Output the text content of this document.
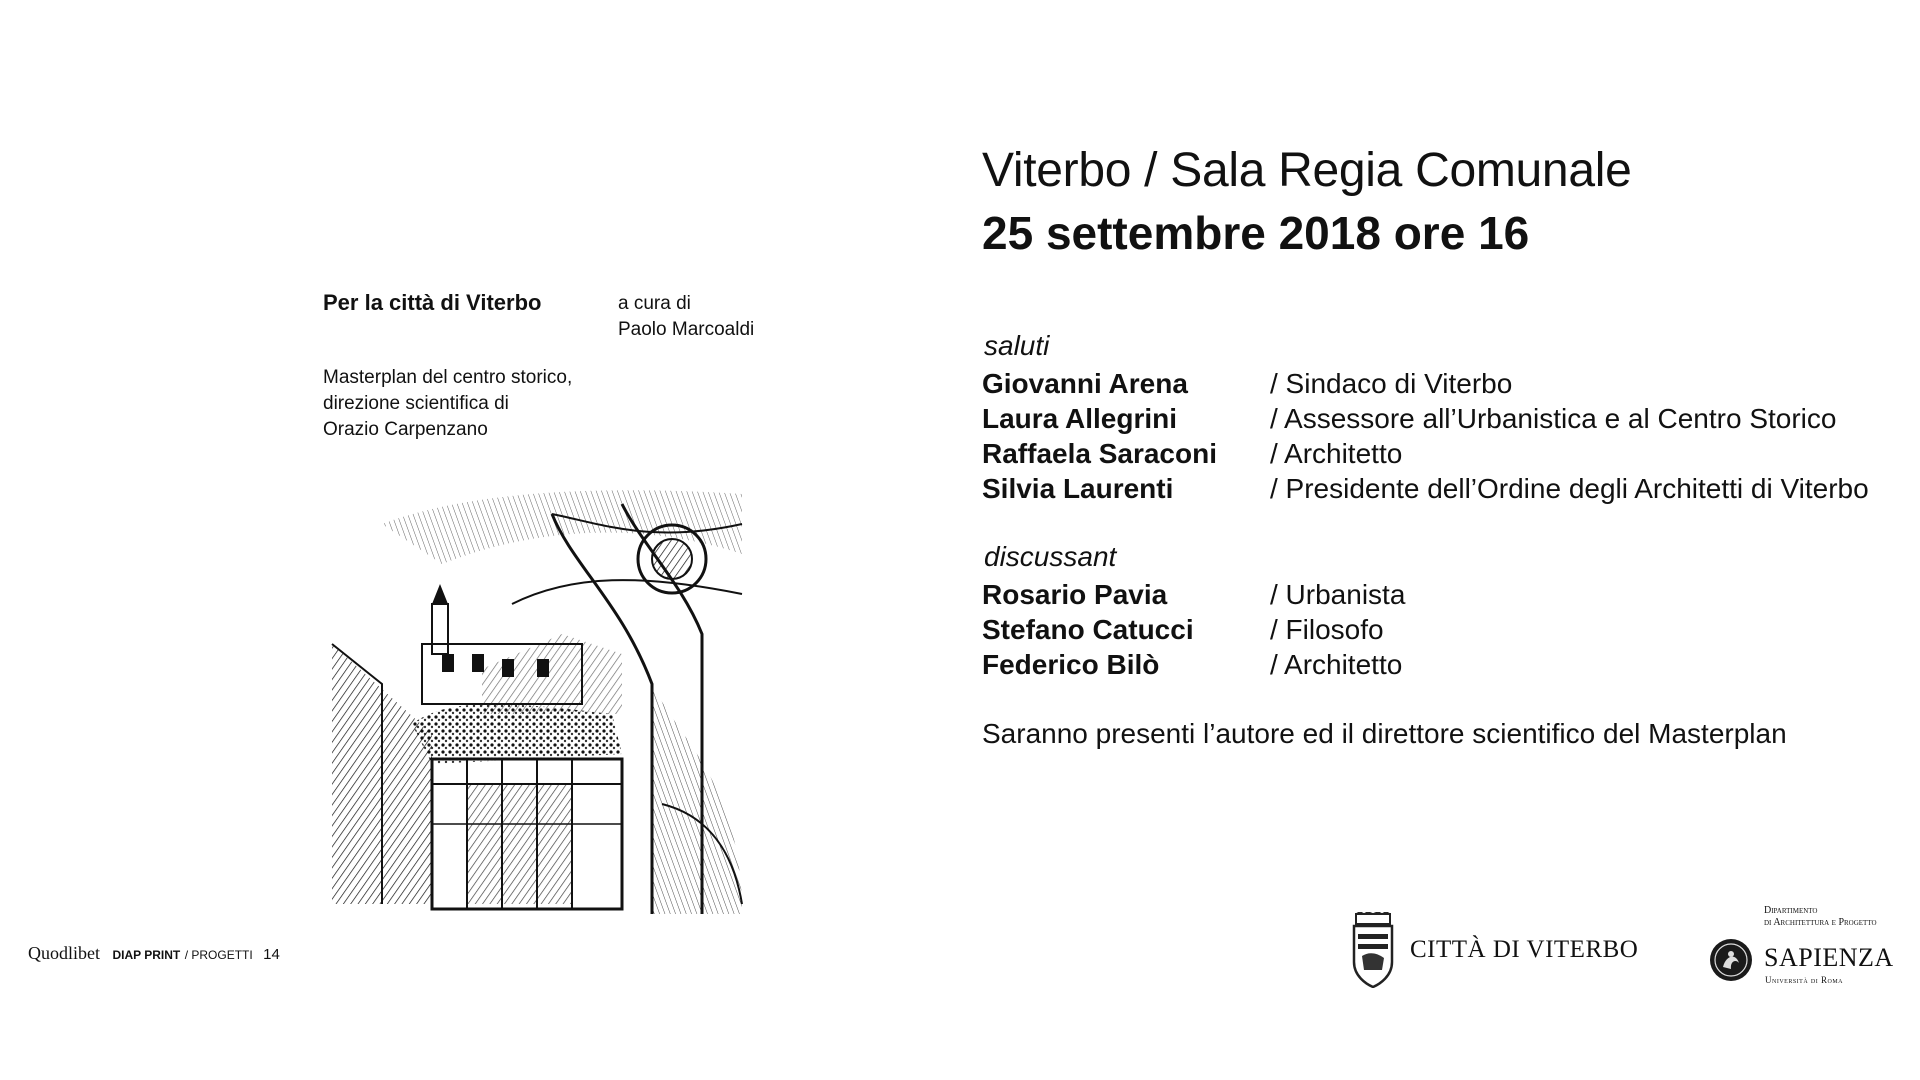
Per la città di Viterbo	a cura di
Paolo Marcoaldi
Masterplan del centro storico,
direzione scientifica di
Orazio Carpenzano
Quodlibet DIAP PRINT / PROGETTI 14
Viterbo / Sala Regia Comunale
25 settembre 2018 ore 16
saluti
Giovanni Arena	/ Sindaco di Viterbo
Laura Allegrini	/ Assessore all’Urbanistica e al Centro Storico
Raffaela Saraconi	/ Architetto
Silvia Laurenti	/ Presidente dell’Ordine degli Architetti di Viterbo
discussant
Rosario Pavia	/ Urbanista
Stefano Catucci	/ Filosofo
Federico Bilò	/ Architetto
Saranno presenti l’autore ed il direttore scientifico del Masterplan
CITTÀ DI VITERBO
Dipartimento
di Architettura e Progetto
SAPIENZA
Università di Roma
